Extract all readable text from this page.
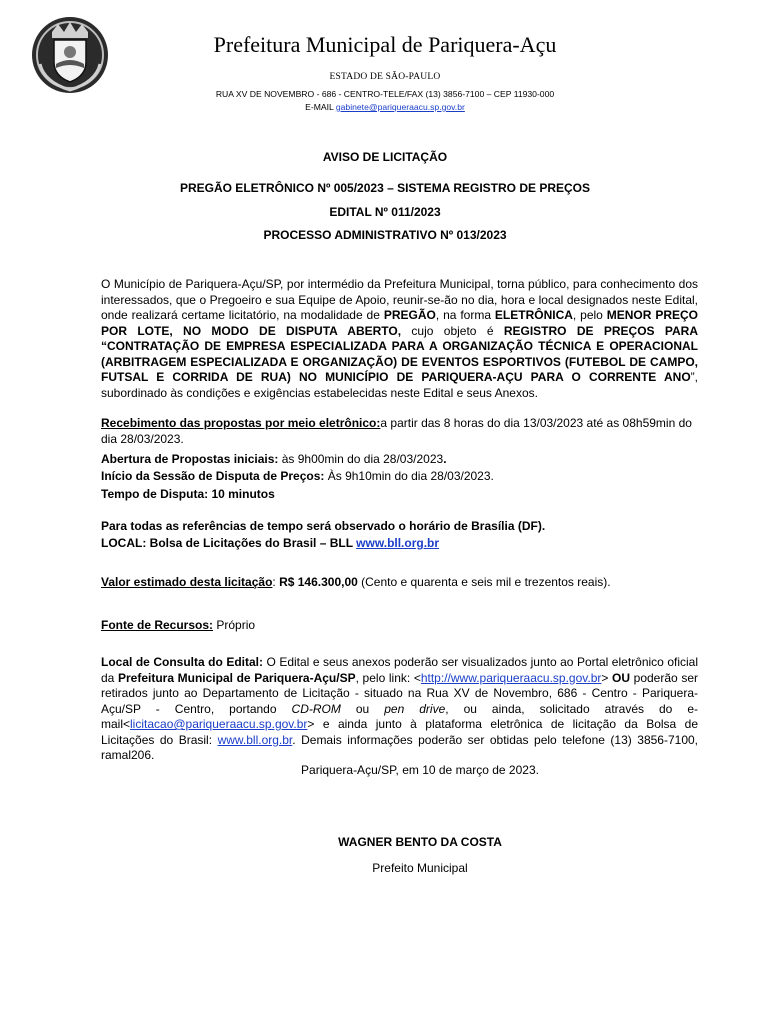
Prefeitura Municipal de Pariquera-Açu
ESTADO DE SÃO-PAULO
RUA XV DE NOVEMBRO - 686 - CENTRO-TELE/FAX (13) 3856-7100 – CEP 11930-000
E-MAIL gabinete@pariqueraacu.sp.gov.br
AVISO DE LICITAÇÃO
PREGÃO ELETRÔNICO Nº 005/2023 – SISTEMA REGISTRO DE PREÇOS
EDITAL Nº 011/2023
PROCESSO ADMINISTRATIVO Nº 013/2023
O Município de Pariquera-Açu/SP, por intermédio da Prefeitura Municipal, torna público, para conhecimento dos interessados, que o Pregoeiro e sua Equipe de Apoio, reunir-se-ão no dia, hora e local designados neste Edital, onde realizará certame licitatório, na modalidade de PREGÃO, na forma ELETRÔNICA, pelo MENOR PREÇO POR LOTE, NO MODO DE DISPUTA ABERTO, cujo objeto é REGISTRO DE PREÇOS PARA “CONTRATAÇÃO DE EMPRESA ESPECIALIZADA PARA A ORGANIZAÇÃO TÉCNICA E OPERACIONAL (ARBITRAGEM ESPECIALIZADA E ORGANIZAÇÃO) DE EVENTOS ESPORTIVOS (FUTEBOL DE CAMPO, FUTSAL E CORRIDA DE RUA) NO MUNICÍPIO DE PARIQUERA-AÇU PARA O CORRENTE ANO”, subordinado às condições e exigências estabelecidas neste Edital e seus Anexos.
Recebimento das propostas por meio eletrônico:a partir das 8 horas do dia 13/03/2023 até as 08h59min do dia 28/03/2023.
Abertura de Propostas iniciais: às 9h00min do dia 28/03/2023.
Início da Sessão de Disputa de Preços: Às 9h10min do dia 28/03/2023.
Tempo de Disputa: 10 minutos
Para todas as referências de tempo será observado o horário de Brasília (DF).
LOCAL: Bolsa de Licitações do Brasil – BLL www.bll.org.br
Valor estimado desta licitação: R$ 146.300,00 (Cento e quarenta e seis mil e trezentos reais).
Fonte de Recursos: Próprio
Local de Consulta do Edital: O Edital e seus anexos poderão ser visualizados junto ao Portal eletrônico oficial da Prefeitura Municipal de Pariquera-Açu/SP, pelo link: <http://www.pariqueraacu.sp.gov.br> OU poderão ser retirados junto ao Departamento de Licitação - situado na Rua XV de Novembro, 686 - Centro - Pariquera-Açu/SP - Centro, portando CD-ROM ou pen drive, ou ainda, solicitado através do e-mail<licitacao@pariqueraacu.sp.gov.br> e ainda junto à plataforma eletrônica de licitação da Bolsa de Licitações do Brasil: www.bll.org.br. Demais informações poderão ser obtidas pelo telefone (13) 3856-7100, ramal206.
Pariquera-Açu/SP, em 10 de março de 2023.
WAGNER BENTO DA COSTA
Prefeito Municipal
